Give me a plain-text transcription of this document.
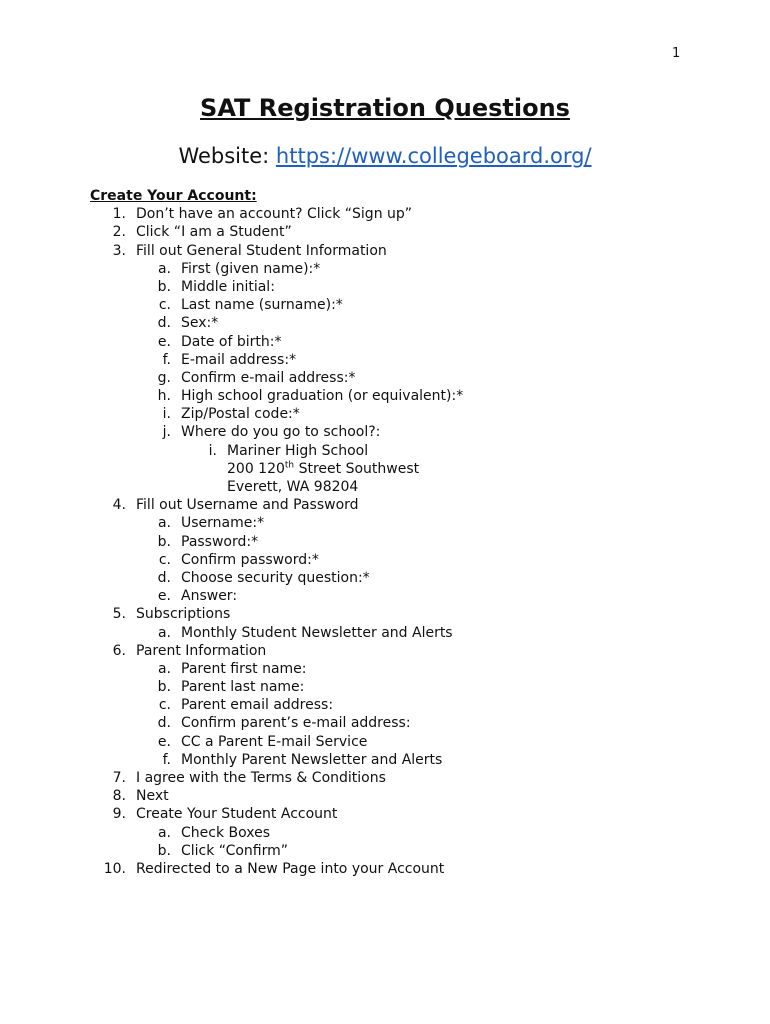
1
SAT Registration Questions
Website: https://www.collegeboard.org/
Create Your Account:
1. Don’t have an account? Click “Sign up”
2. Click “I am a Student”
3. Fill out General Student Information
a. First (given name):*
b. Middle initial:
c. Last name (surname):*
d. Sex:*
e. Date of birth:*
f. E-mail address:*
g. Confirm e-mail address:*
h. High school graduation (or equivalent):*
i. Zip/Postal code:*
j. Where do you go to school?:
i. Mariner High School
200 120th Street Southwest
Everett, WA 98204
4. Fill out Username and Password
a. Username:*
b. Password:*
c. Confirm password:*
d. Choose security question:*
e. Answer:
5. Subscriptions
a. Monthly Student Newsletter and Alerts
6. Parent Information
a. Parent first name:
b. Parent last name:
c. Parent email address:
d. Confirm parent’s e-mail address:
e. CC a Parent E-mail Service
f. Monthly Parent Newsletter and Alerts
7. I agree with the Terms & Conditions
8. Next
9. Create Your Student Account
a. Check Boxes
b. Click “Confirm”
10. Redirected to a New Page into your Account
